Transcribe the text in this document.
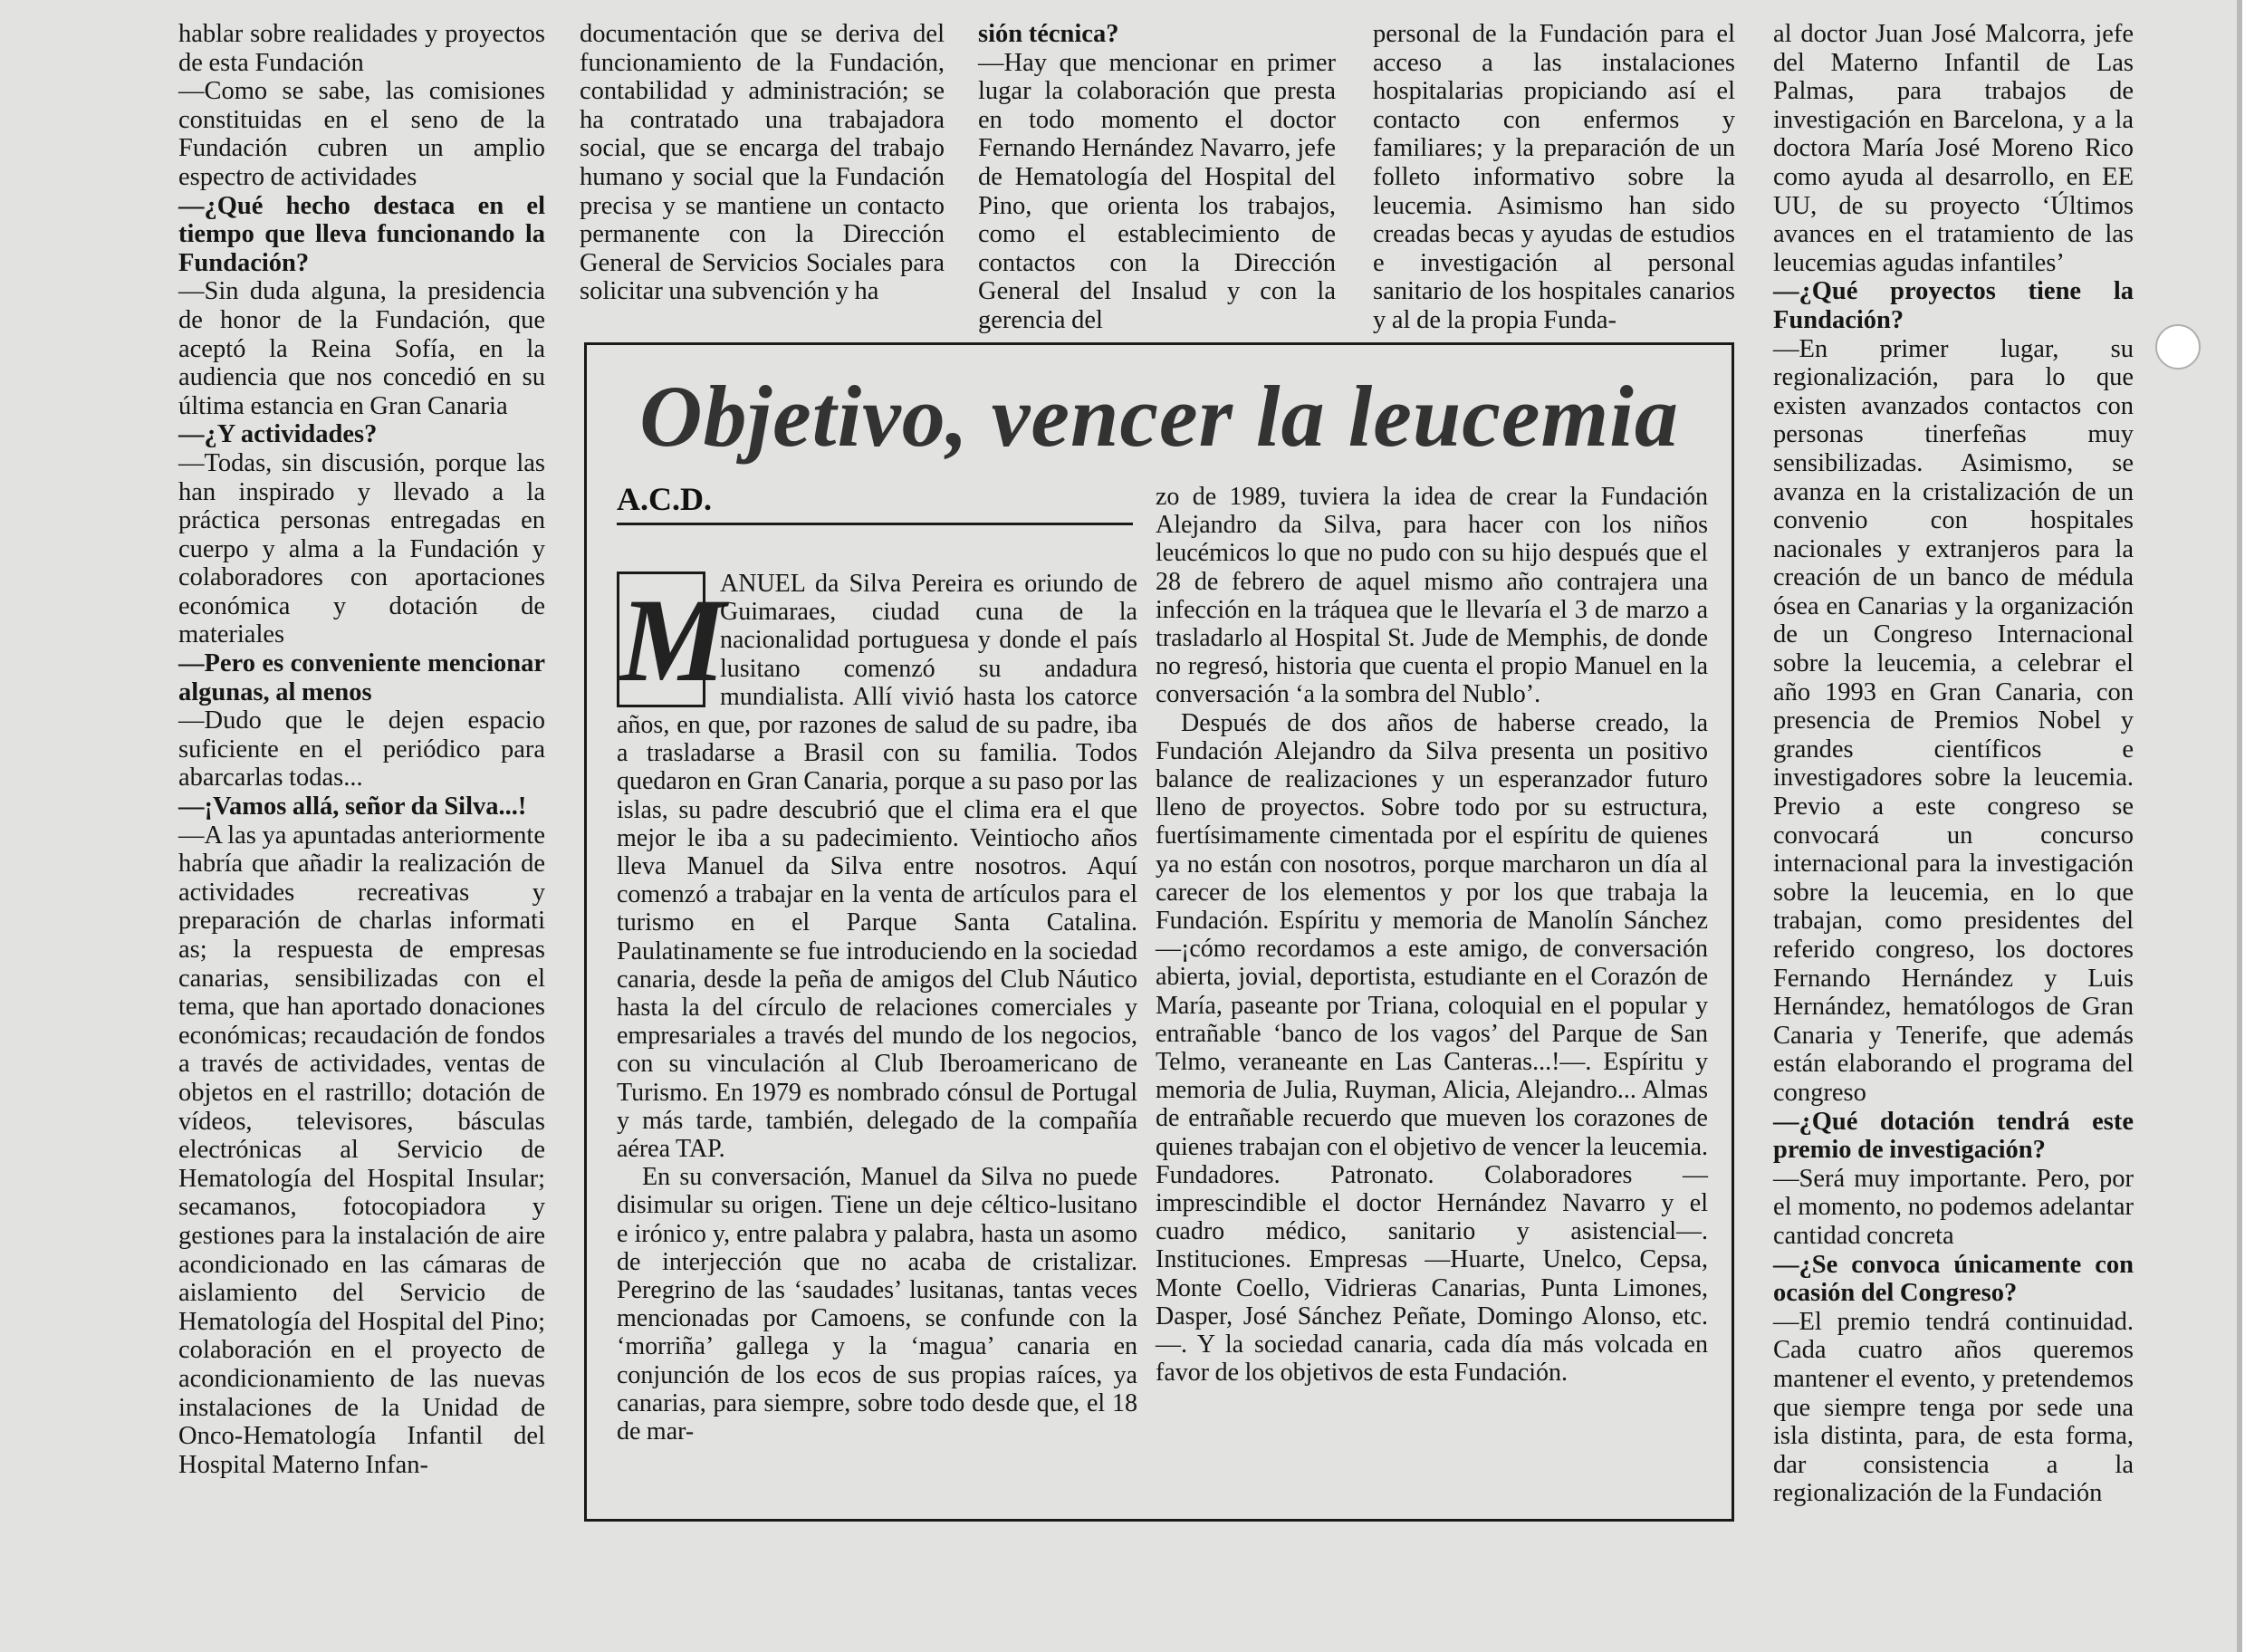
hablar sobre realidades y proyectos de esta Fundación

—Como se sabe, las comisiones constituidas en el seno de la Fundación cubren un amplio espectro de actividades

—¿Qué hecho destaca en el tiempo que lleva funcionando la Fundación?

—Sin duda alguna, la presidencia de honor de la Fundación, que aceptó la Reina Sofía, en la audiencia que nos concedió en su última estancia en Gran Canaria

—¿Y actividades?

—Todas, sin discusión, porque las han inspirado y llevado a la práctica personas entregadas en cuerpo y alma a la Fundación y colaboradores con aportaciones económica y dotación de materiales

—Pero es conveniente mencionar algunas, al menos

—Dudo que le dejen espacio suficiente en el periódico para abarcarlas todas...

—¡Vamos allá, señor da Silva...!

—A las ya apuntadas anteriormente habría que añadir la realización de actividades recreativas y preparación de charlas informati as; la respuesta de empresas canarias, sensibilizadas con el tema, que han aportado donaciones económicas; recaudación de fondos a través de actividades, ventas de objetos en el rastrillo; dotación de vídeos, televisores, básculas electrónicas al Servicio de Hematología del Hospital Insular; secamanos, fotocopiadora y gestiones para la instalación de aire acondicionado en las cámaras de aislamiento del Servicio de Hematología del Hospital del Pino; colaboración en el proyecto de acondicionamiento de las nuevas instalaciones de la Unidad de Onco-Hematología Infantil del Hospital Materno Infan-

documentación que se deriva del funcionamiento de la Fundación, contabilidad y administración; se ha contratado una trabajadora social, que se encarga del trabajo humano y social que la Fundación precisa y se mantiene un contacto permanente con la Dirección General de Servicios Sociales para solicitar una subvención y ha

sión técnica?

—Hay que mencionar en primer lugar la colaboración que presta en todo momento el doctor Fernando Hernández Navarro, jefe de Hematología del Hospital del Pino, que orienta los trabajos, como el establecimiento de contactos con la Dirección General del Insalud y con la gerencia del

personal de la Fundación para el acceso a las instalaciones hospitalarias propiciando así el contacto con enfermos y familiares; y la preparación de un folleto informativo sobre la leucemia. Asimismo han sido creadas becas y ayudas de estudios e investigación al personal sanitario de los hospitales canarios y al de la propia Funda-

al doctor Juan José Malcorra, jefe del Materno Infantil de Las Palmas, para trabajos de investigación en Barcelona, y a la doctora María José Moreno Rico como ayuda al desarrollo, en EE UU, de su proyecto ‘Últimos avances en el tratamiento de las leucemias agudas infantiles’

—¿Qué proyectos tiene la Fundación?

—En primer lugar, su regionalización, para lo que existen avanzados contactos con personas tinerfeñas muy sensibilizadas. Asimismo, se avanza en la cristalización de un convenio con hospitales nacionales y extranjeros para la creación de un banco de médula ósea en Canarias y la organización de un Congreso Internacional sobre la leucemia, a celebrar el año 1993 en Gran Canaria, con presencia de Premios Nobel y grandes científicos e investigadores sobre la leucemia. Previo a este congreso se convocará un concurso internacional para la investigación sobre la leucemia, en lo que trabajan, como presidentes del referido congreso, los doctores Fernando Hernández y Luis Hernández, hematólogos de Gran Canaria y Tenerife, que además están elaborando el programa del congreso

—¿Qué dotación tendrá este premio de investigación?

—Será muy importante. Pero, por el momento, no podemos adelantar cantidad concreta

—¿Se convoca únicamente con ocasión del Congreso?

—El premio tendrá continuidad. Cada cuatro años queremos mantener el evento, y pretendemos que siempre tenga por sede una isla distinta, para, de esta forma, dar consistencia a la regionalización de la Fundación

Objetivo, vencer la leucemia
A.C.D.

M
ANUEL da Silva Pereira es oriundo de Guimaraes, ciudad cuna de la nacionalidad portuguesa y donde el país lusitano comenzó su andadura mundialista. Allí vivió hasta los catorce años, en que, por razones de salud de su padre, iba a trasladarse a Brasil con su familia. Todos quedaron en Gran Canaria, porque a su paso por las islas, su padre descubrió que el clima era el que mejor le iba a su padecimiento. Veintiocho años lleva Manuel da Silva entre nosotros. Aquí comenzó a trabajar en la venta de artículos para el turismo en el Parque Santa Catalina. Paulatinamente se fue introduciendo en la sociedad canaria, desde la peña de amigos del Club Náutico hasta la del círculo de relaciones comerciales y empresariales a través del mundo de los negocios, con su vinculación al Club Iberoamericano de Turismo. En 1979 es nombrado cónsul de Portugal y más tarde, también, delegado de la compañía aérea TAP.

En su conversación, Manuel da Silva no puede disimular su origen. Tiene un deje céltico-lusitano e irónico y, entre palabra y palabra, hasta un asomo de interjección que no acaba de cristalizar. Peregrino de las ‘saudades’ lusitanas, tantas veces mencionadas por Camoens, se confunde con la ‘morriña’ gallega y la ‘magua’ canaria en conjunción de los ecos de sus propias raíces, ya canarias, para siempre, sobre todo desde que, el 18 de mar-

zo de 1989, tuviera la idea de crear la Fundación Alejandro da Silva, para hacer con los niños leucémicos lo que no pudo con su hijo después que el 28 de febrero de aquel mismo año contrajera una infección en la tráquea que le llevaría el 3 de marzo a trasladarlo al Hospital St. Jude de Memphis, de donde no regresó, historia que cuenta el propio Manuel en la conversación ‘a la sombra del Nublo’.

Después de dos años de haberse creado, la Fundación Alejandro da Silva presenta un positivo balance de realizaciones y un esperanzador futuro lleno de proyectos. Sobre todo por su estructura, fuertísimamente cimentada por el espíritu de quienes ya no están con nosotros, porque marcharon un día al carecer de los elementos y por los que trabaja la Fundación. Espíritu y memoria de Manolín Sánchez —¡cómo recordamos a este amigo, de conversación abierta, jovial, deportista, estudiante en el Corazón de María, paseante por Triana, coloquial en el popular y entrañable ‘banco de los vagos’ del Parque de San Telmo, veraneante en Las Canteras...!—. Espíritu y memoria de Julia, Ruyman, Alicia, Alejandro... Almas de entrañable recuerdo que mueven los corazones de quienes trabajan con el objetivo de vencer la leucemia. Fundadores. Patronato. Colaboradores —imprescindible el doctor Hernández Navarro y el cuadro médico, sanitario y asistencial—. Instituciones. Empresas —Huarte, Unelco, Cepsa, Monte Coello, Vidrieras Canarias, Punta Limones, Dasper, José Sánchez Peñate, Domingo Alonso, etc.—. Y la sociedad canaria, cada día más volcada en favor de los objetivos de esta Fundación.
